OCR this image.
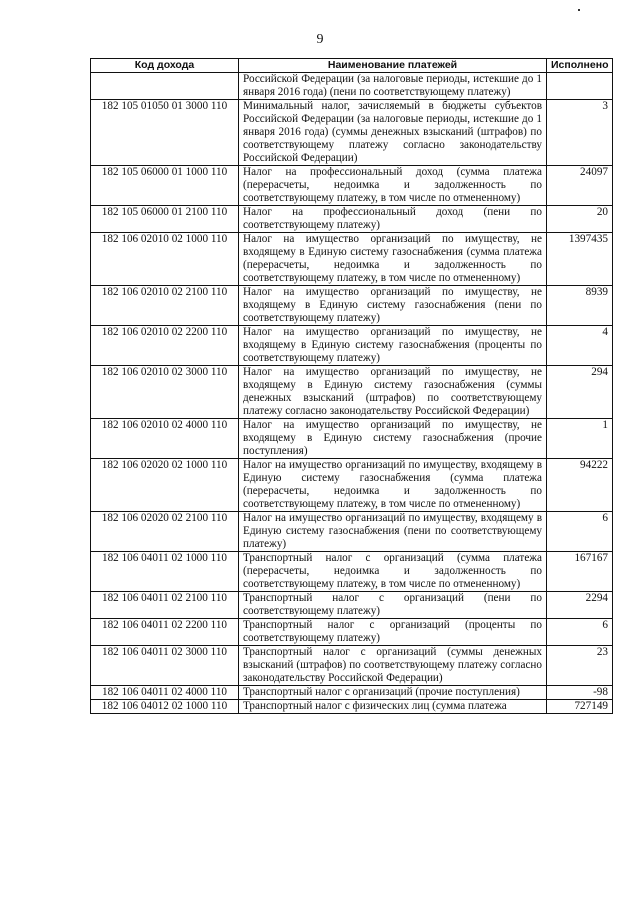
9
Код дохода	Наименование платежей	Исполнено
	Российской Федерации (за налоговые периоды, истекшие до 1 января 2016 года) (пени по соответствующему платежу)	
182 105 01050 01 3000 110	Минимальный налог, зачисляемый в бюджеты субъектов Российской Федерации (за налоговые периоды, истекшие до 1 января 2016 года) (суммы денежных взысканий (штрафов) по соответствующему платежу согласно законодательству Российской Федерации)	3
182 105 06000 01 1000 110	Налог на профессиональный доход (сумма платежа (перерасчеты, недоимка и задолженность по соответствующему платежу, в том числе по отмененному)	24097
182 105 06000 01 2100 110	Налог на профессиональный доход (пени по соответствующему платежу)	20
182 106 02010 02 1000 110	Налог на имущество организаций по имуществу, не входящему в Единую систему газоснабжения (сумма платежа (перерасчеты, недоимка и задолженность по соответствующему платежу, в том числе по отмененному)	1397435
182 106 02010 02 2100 110	Налог на имущество организаций по имуществу, не входящему в Единую систему газоснабжения (пени по соответствующему платежу)	8939
182 106 02010 02 2200 110	Налог на имущество организаций по имуществу, не входящему в Единую систему газоснабжения (проценты по соответствующему платежу)	4
182 106 02010 02 3000 110	Налог на имущество организаций по имуществу, не входящему в Единую систему газоснабжения (суммы денежных взысканий (штрафов) по соответствующему платежу согласно законодательству Российской Федерации)	294
182 106 02010 02 4000 110	Налог на имущество организаций по имуществу, не входящему в Единую систему газоснабжения (прочие поступления)	1
182 106 02020 02 1000 110	Налог на имущество организаций по имуществу, входящему в Единую систему газоснабжения (сумма платежа (перерасчеты, недоимка и задолженность по соответствующему платежу, в том числе по отмененному)	94222
182 106 02020 02 2100 110	Налог на имущество организаций по имуществу, входящему в Единую систему газоснабжения (пени по соответствующему платежу)	6
182 106 04011 02 1000 110	Транспортный налог с организаций (сумма платежа (перерасчеты, недоимка и задолженность по соответствующему платежу, в том числе по отмененному)	167167
182 106 04011 02 2100 110	Транспортный налог с организаций (пени по соответствующему платежу)	2294
182 106 04011 02 2200 110	Транспортный налог с организаций (проценты по соответствующему платежу)	6
182 106 04011 02 3000 110	Транспортный налог с организаций (суммы денежных взысканий (штрафов) по соответствующему платежу согласно законодательству Российской Федерации)	23
182 106 04011 02 4000 110	Транспортный налог с организаций (прочие поступления)	-98
182 106 04012 02 1000 110	Транспортный налог с физических лиц (сумма платежа	727149
